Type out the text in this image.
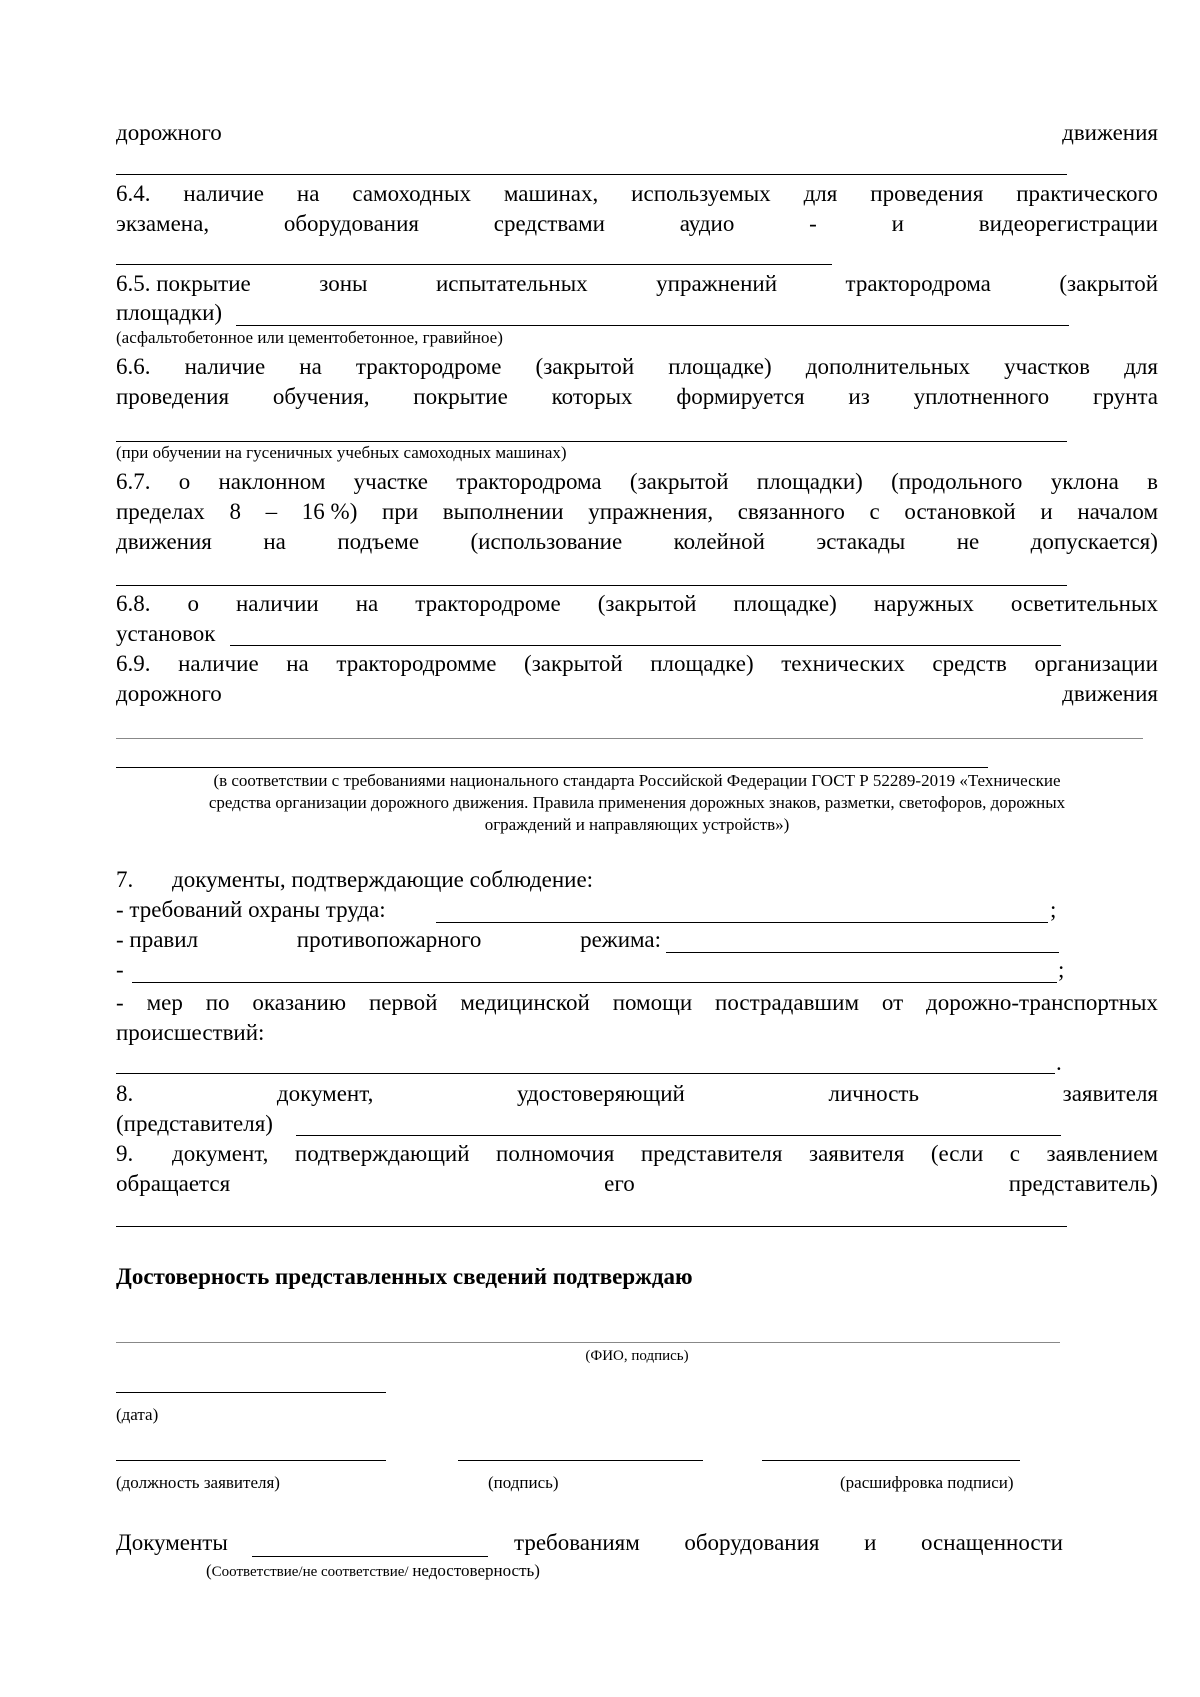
дорожного	движения
6.4. наличие на самоходных машинах, используемых для проведения практического
экзамена,	оборудования	средствами	аудио	-	и	видеорегистрации
6.5. покрытие	зоны	испытательных	упражнений	трактородрома	(закрытой
площадки)
(асфальтобетонное или цементобетонное, гравийное)
6.6. наличие на трактородроме (закрытой площадке) дополнительных участков для
проведения обучения, покрытие которых формируется из уплотненного грунта
(при обучении на гусеничных учебных самоходных машинах)
6.7. о наклонном участке трактородрома (закрытой площадки) (продольного уклона в
пределах 8 – 16 %) при выполнении упражнения, связанного с остановкой и началом
движения на подъеме (использование колейной эстакады не допускается)
6.8. о наличии на трактородроме (закрытой площадке) наружных осветительных
установок
6.9. наличие на трактородромме (закрытой площадке) технических средств организации
дорожного	движения
(в соответствии с требованиями национального стандарта Российской Федерации ГОСТ Р 52289-2019 «Технические
средства организации дорожного движения. Правила применения дорожных знаков, разметки, светофоров, дорожных
ограждений и направляющих устройств»)
7. документы, подтверждающие соблюдение:
- требований охраны труда:	;
- правил	противопожарного	режима:
-	;
- мер по оказанию первой медицинской помощи пострадавшим от дорожно-транспортных
происшествий:
.
8.	документ,	удостоверяющий	личность	заявителя
(представителя)
9. документ, подтверждающий полномочия представителя заявителя (если с заявлением
обращается	его	представитель)
Достоверность представленных сведений подтверждаю
(ФИО, подпись)
(дата)
(должность заявителя)	(подпись)	(расшифровка подписи)
Документы	требованиям оборудования и оснащенности
(Соответствие/не соответствие/ недостоверность)
